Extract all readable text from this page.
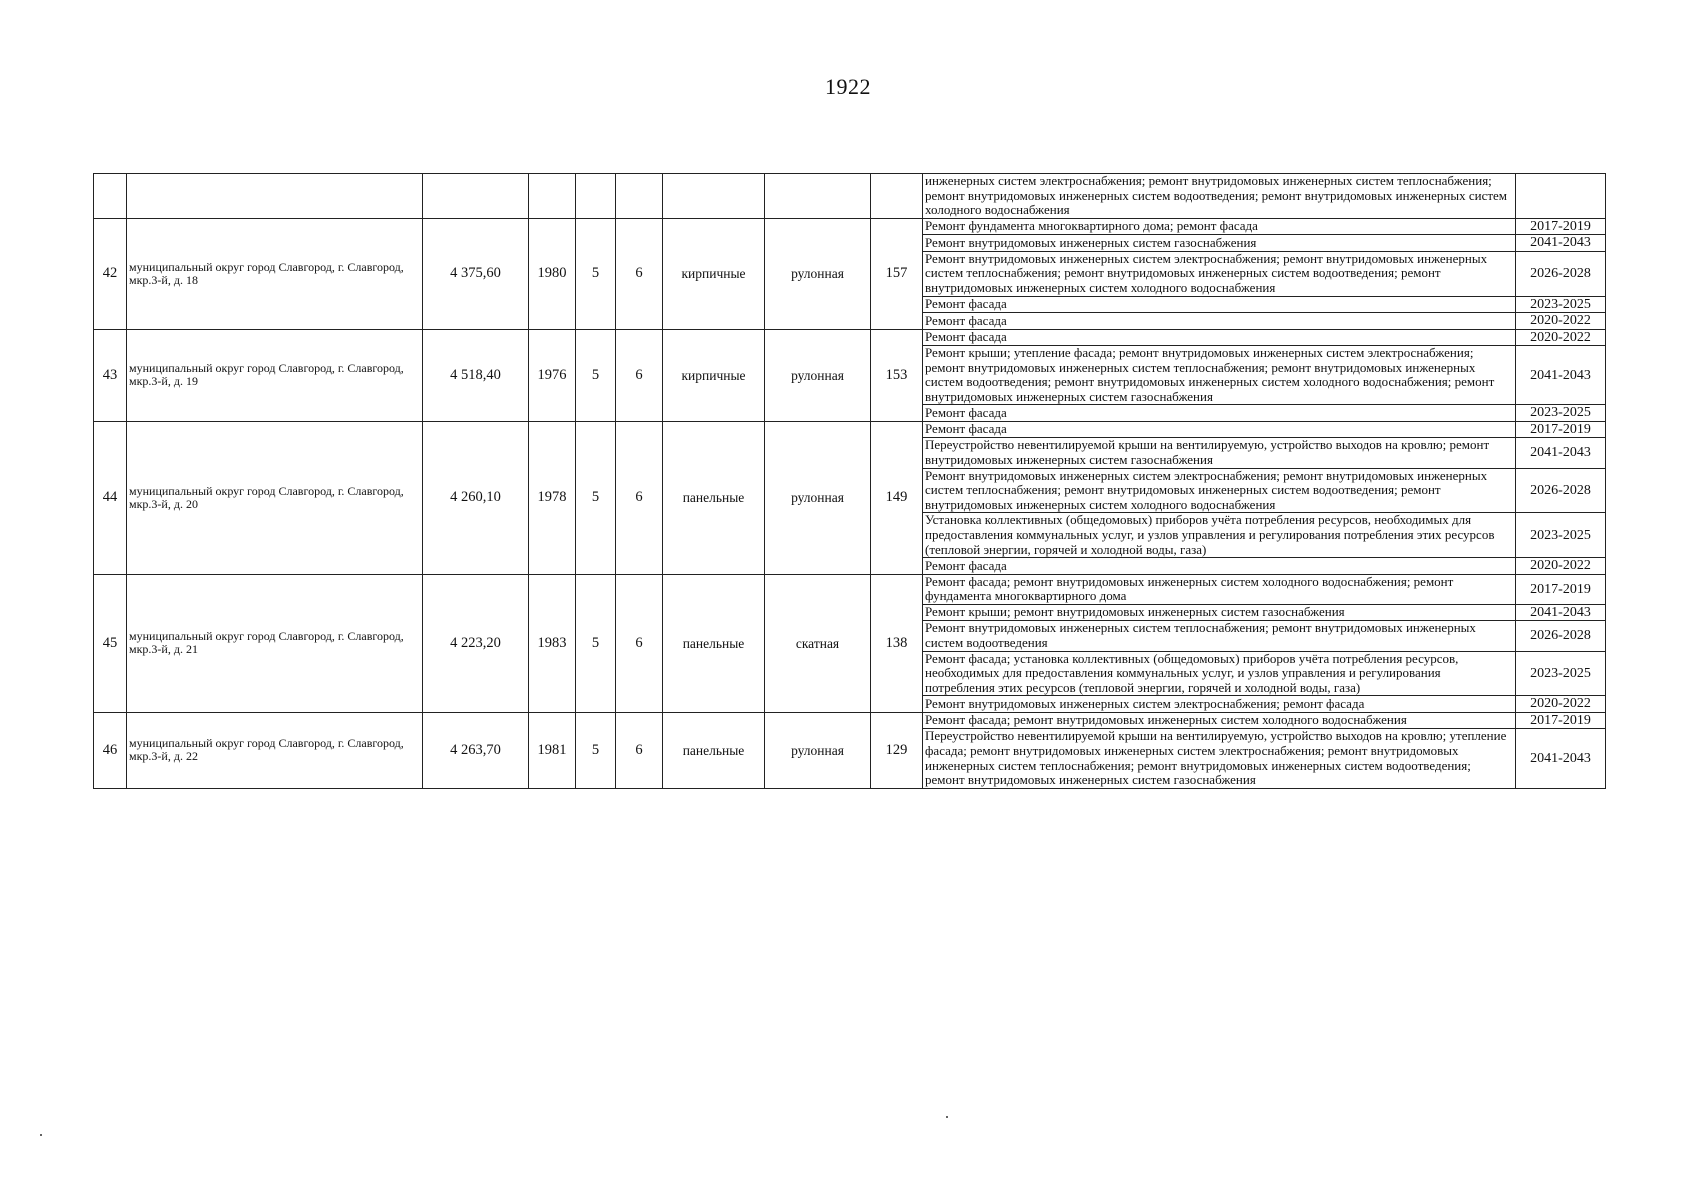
1922
									инженерных систем электроснабжения; ремонт внутридомовых инженерных систем теплоснабжения; ремонт внутридомовых инженерных систем водоотведения; ремонт внутридомовых инженерных систем холодного водоснабжения	
42	муниципальный округ город Славгород, г. Славгород, мкр.3-й, д. 18	4 375,60	1980	5	6	кирпичные	рулонная	157	Ремонт фундамента многоквартирного дома; ремонт фасада	2017-2019
									Ремонт внутридомовых инженерных систем газоснабжения	2041-2043
									Ремонт внутридомовых инженерных систем электроснабжения; ремонт внутридомовых инженерных систем теплоснабжения; ремонт внутридомовых инженерных систем водоотведения; ремонт внутридомовых инженерных систем холодного водоснабжения	2026-2028
									Ремонт фасада	2023-2025
									Ремонт фасада	2020-2022
43	муниципальный округ город Славгород, г. Славгород, мкр.3-й, д. 19	4 518,40	1976	5	6	кирпичные	рулонная	153	Ремонт фасада	2020-2022
									Ремонт крыши; утепление фасада; ремонт внутридомовых инженерных систем электроснабжения; ремонт внутридомовых инженерных систем теплоснабжения; ремонт внутридомовых инженерных систем водоотведения; ремонт внутридомовых инженерных систем холодного водоснабжения; ремонт внутридомовых инженерных систем газоснабжения	2041-2043
									Ремонт фасада	2023-2025
44	муниципальный округ город Славгород, г. Славгород, мкр.3-й, д. 20	4 260,10	1978	5	6	панельные	рулонная	149	Ремонт фасада	2017-2019
									Переустройство невентилируемой крыши на вентилируемую, устройство выходов на кровлю; ремонт внутридомовых инженерных систем газоснабжения	2041-2043
									Ремонт внутридомовых инженерных систем электроснабжения; ремонт внутридомовых инженерных систем теплоснабжения; ремонт внутридомовых инженерных систем водоотведения; ремонт внутридомовых инженерных систем холодного водоснабжения	2026-2028
									Установка коллективных (общедомовых) приборов учёта потребления ресурсов, необходимых для предоставления коммунальных услуг, и узлов управления и регулирования потребления этих ресурсов (тепловой энергии, горячей и холодной воды, газа)	2023-2025
									Ремонт фасада	2020-2022
45	муниципальный округ город Славгород, г. Славгород, мкр.3-й, д. 21	4 223,20	1983	5	6	панельные	скатная	138	Ремонт фасада; ремонт внутридомовых инженерных систем холодного водоснабжения; ремонт фундамента многоквартирного дома	2017-2019
									Ремонт крыши; ремонт внутридомовых инженерных систем газоснабжения	2041-2043
									Ремонт внутридомовых инженерных систем теплоснабжения; ремонт внутридомовых инженерных систем водоотведения	2026-2028
									Ремонт фасада; установка коллективных (общедомовых) приборов учёта потребления ресурсов, необходимых для предоставления коммунальных услуг, и узлов управления и регулирования потребления этих ресурсов (тепловой энергии, горячей и холодной воды, газа)	2023-2025
									Ремонт внутридомовых инженерных систем электроснабжения; ремонт фасада	2020-2022
46	муниципальный округ город Славгород, г. Славгород, мкр.3-й, д. 22	4 263,70	1981	5	6	панельные	рулонная	129	Ремонт фасада; ремонт внутридомовых инженерных систем холодного водоснабжения	2017-2019
									Переустройство невентилируемой крыши на вентилируемую, устройство выходов на кровлю; утепление фасада; ремонт внутридомовых инженерных систем электроснабжения; ремонт внутридомовых инженерных систем теплоснабжения; ремонт внутридомовых инженерных систем водоотведения; ремонт внутридомовых инженерных систем газоснабжения	2041-2043
